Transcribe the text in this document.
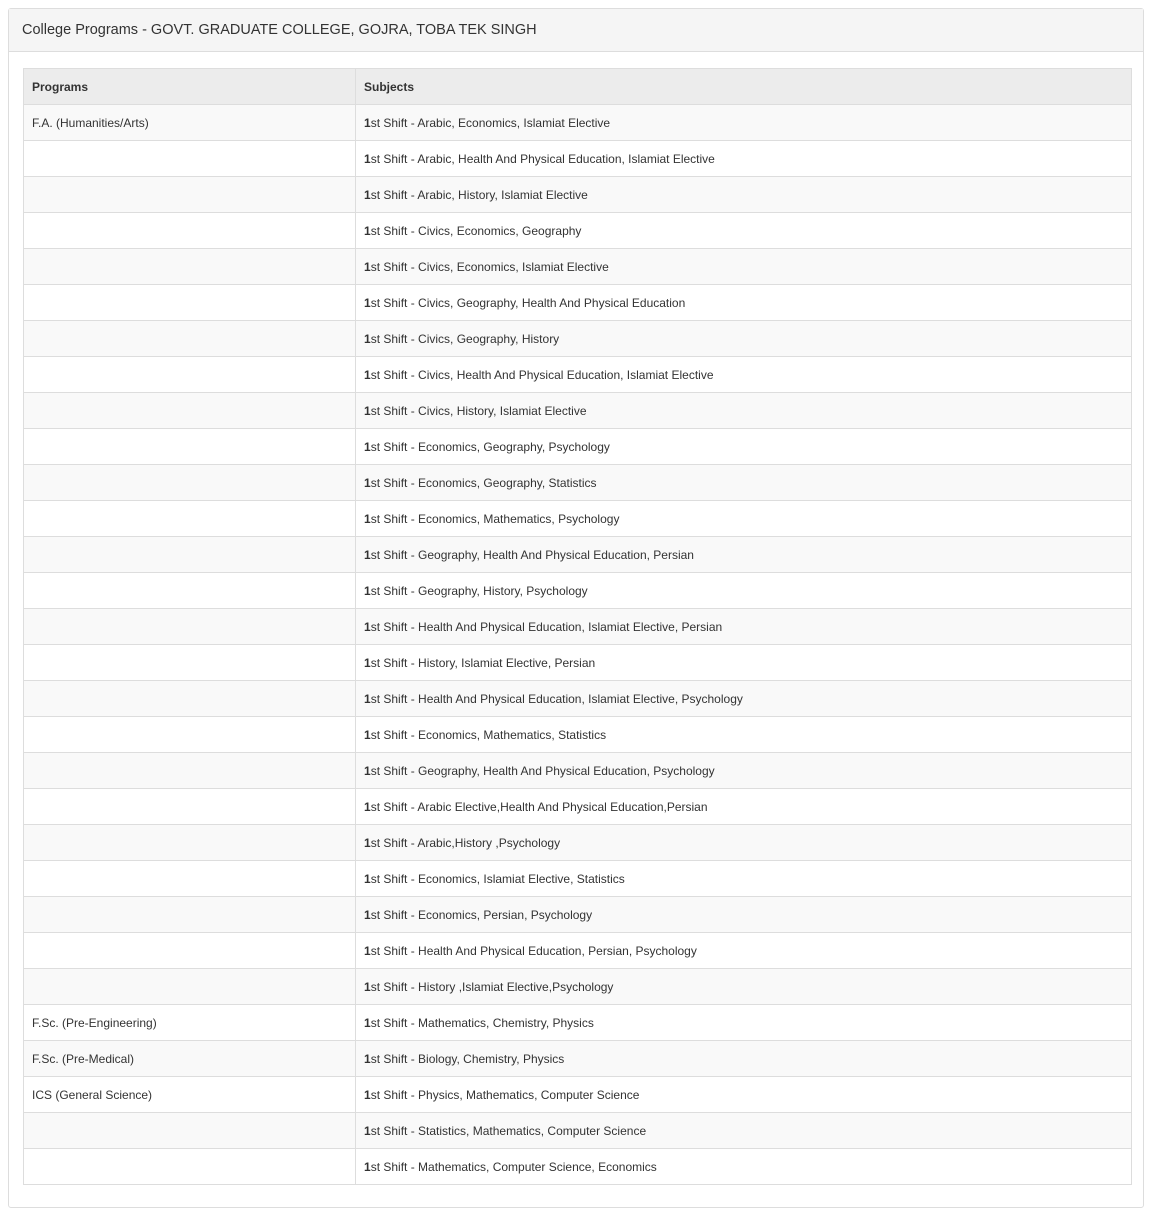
College Programs - GOVT. GRADUATE COLLEGE, GOJRA, TOBA TEK SINGH
Programs	Subjects
F.A. (Humanities/Arts)	1st Shift - Arabic, Economics, Islamiat Elective
	1st Shift - Arabic, Health And Physical Education, Islamiat Elective
	1st Shift - Arabic, History, Islamiat Elective
	1st Shift - Civics, Economics, Geography
	1st Shift - Civics, Economics, Islamiat Elective
	1st Shift - Civics, Geography, Health And Physical Education
	1st Shift - Civics, Geography, History
	1st Shift - Civics, Health And Physical Education, Islamiat Elective
	1st Shift - Civics, History, Islamiat Elective
	1st Shift - Economics, Geography, Psychology
	1st Shift - Economics, Geography, Statistics
	1st Shift - Economics, Mathematics, Psychology
	1st Shift - Geography, Health And Physical Education, Persian
	1st Shift - Geography, History, Psychology
	1st Shift - Health And Physical Education, Islamiat Elective, Persian
	1st Shift - History, Islamiat Elective, Persian
	1st Shift - Health And Physical Education, Islamiat Elective, Psychology
	1st Shift - Economics, Mathematics, Statistics
	1st Shift - Geography, Health And Physical Education, Psychology
	1st Shift - Arabic Elective,Health And Physical Education,Persian
	1st Shift - Arabic,History ,Psychology
	1st Shift - Economics, Islamiat Elective, Statistics
	1st Shift - Economics, Persian, Psychology
	1st Shift - Health And Physical Education, Persian, Psychology
	1st Shift - History ,Islamiat Elective,Psychology
F.Sc. (Pre-Engineering)	1st Shift - Mathematics, Chemistry, Physics
F.Sc. (Pre-Medical)	1st Shift - Biology, Chemistry, Physics
ICS (General Science)	1st Shift - Physics, Mathematics, Computer Science
	1st Shift - Statistics, Mathematics, Computer Science
	1st Shift - Mathematics, Computer Science, Economics
